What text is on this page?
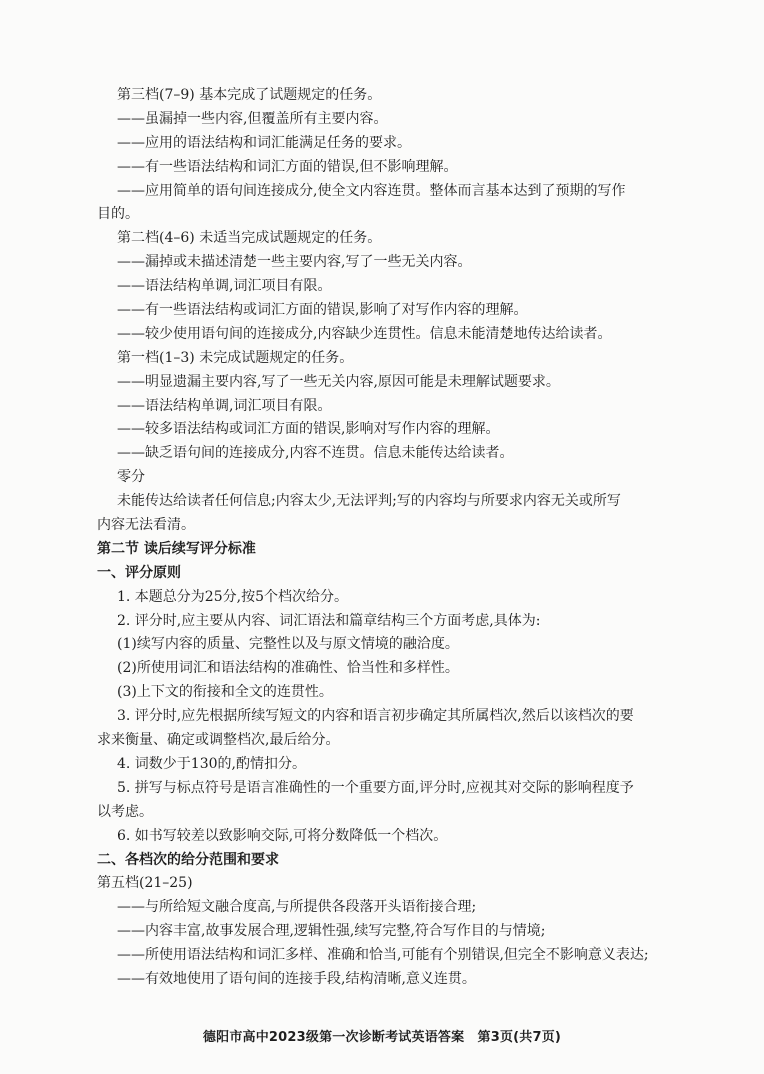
第三档(7–9) 基本完成了试题规定的任务。
——虽漏掉一些内容,但覆盖所有主要内容。
——应用的语法结构和词汇能满足任务的要求。
——有一些语法结构和词汇方面的错误,但不影响理解。
——应用简单的语句间连接成分,使全文内容连贯。整体而言基本达到了预期的写作
目的。
第二档(4–6) 未适当完成试题规定的任务。
——漏掉或未描述清楚一些主要内容,写了一些无关内容。
——语法结构单调,词汇项目有限。
——有一些语法结构或词汇方面的错误,影响了对写作内容的理解。
——较少使用语句间的连接成分,内容缺少连贯性。信息未能清楚地传达给读者。
第一档(1–3) 未完成试题规定的任务。
——明显遗漏主要内容,写了一些无关内容,原因可能是未理解试题要求。
——语法结构单调,词汇项目有限。
——较多语法结构或词汇方面的错误,影响对写作内容的理解。
——缺乏语句间的连接成分,内容不连贯。信息未能传达给读者。
零分
未能传达给读者任何信息;内容太少,无法评判;写的内容均与所要求内容无关或所写
内容无法看清。
第二节 读后续写评分标准
一、评分原则
1. 本题总分为25分,按5个档次给分。
2. 评分时,应主要从内容、词汇语法和篇章结构三个方面考虑,具体为:
(1)续写内容的质量、完整性以及与原文情境的融洽度。
(2)所使用词汇和语法结构的准确性、恰当性和多样性。
(3)上下文的衔接和全文的连贯性。
3. 评分时,应先根据所续写短文的内容和语言初步确定其所属档次,然后以该档次的要
求来衡量、确定或调整档次,最后给分。
4. 词数少于130的,酌情扣分。
5. 拼写与标点符号是语言准确性的一个重要方面,评分时,应视其对交际的影响程度予
以考虑。
6. 如书写较差以致影响交际,可将分数降低一个档次。
二、各档次的给分范围和要求
第五档(21–25)
——与所给短文融合度高,与所提供各段落开头语衔接合理;
——内容丰富,故事发展合理,逻辑性强,续写完整,符合写作目的与情境;
——所使用语法结构和词汇多样、准确和恰当,可能有个别错误,但完全不影响意义表达;
——有效地使用了语句间的连接手段,结构清晰,意义连贯。
德阳市高中2023级第一次诊断考试英语答案　第3页(共7页)
